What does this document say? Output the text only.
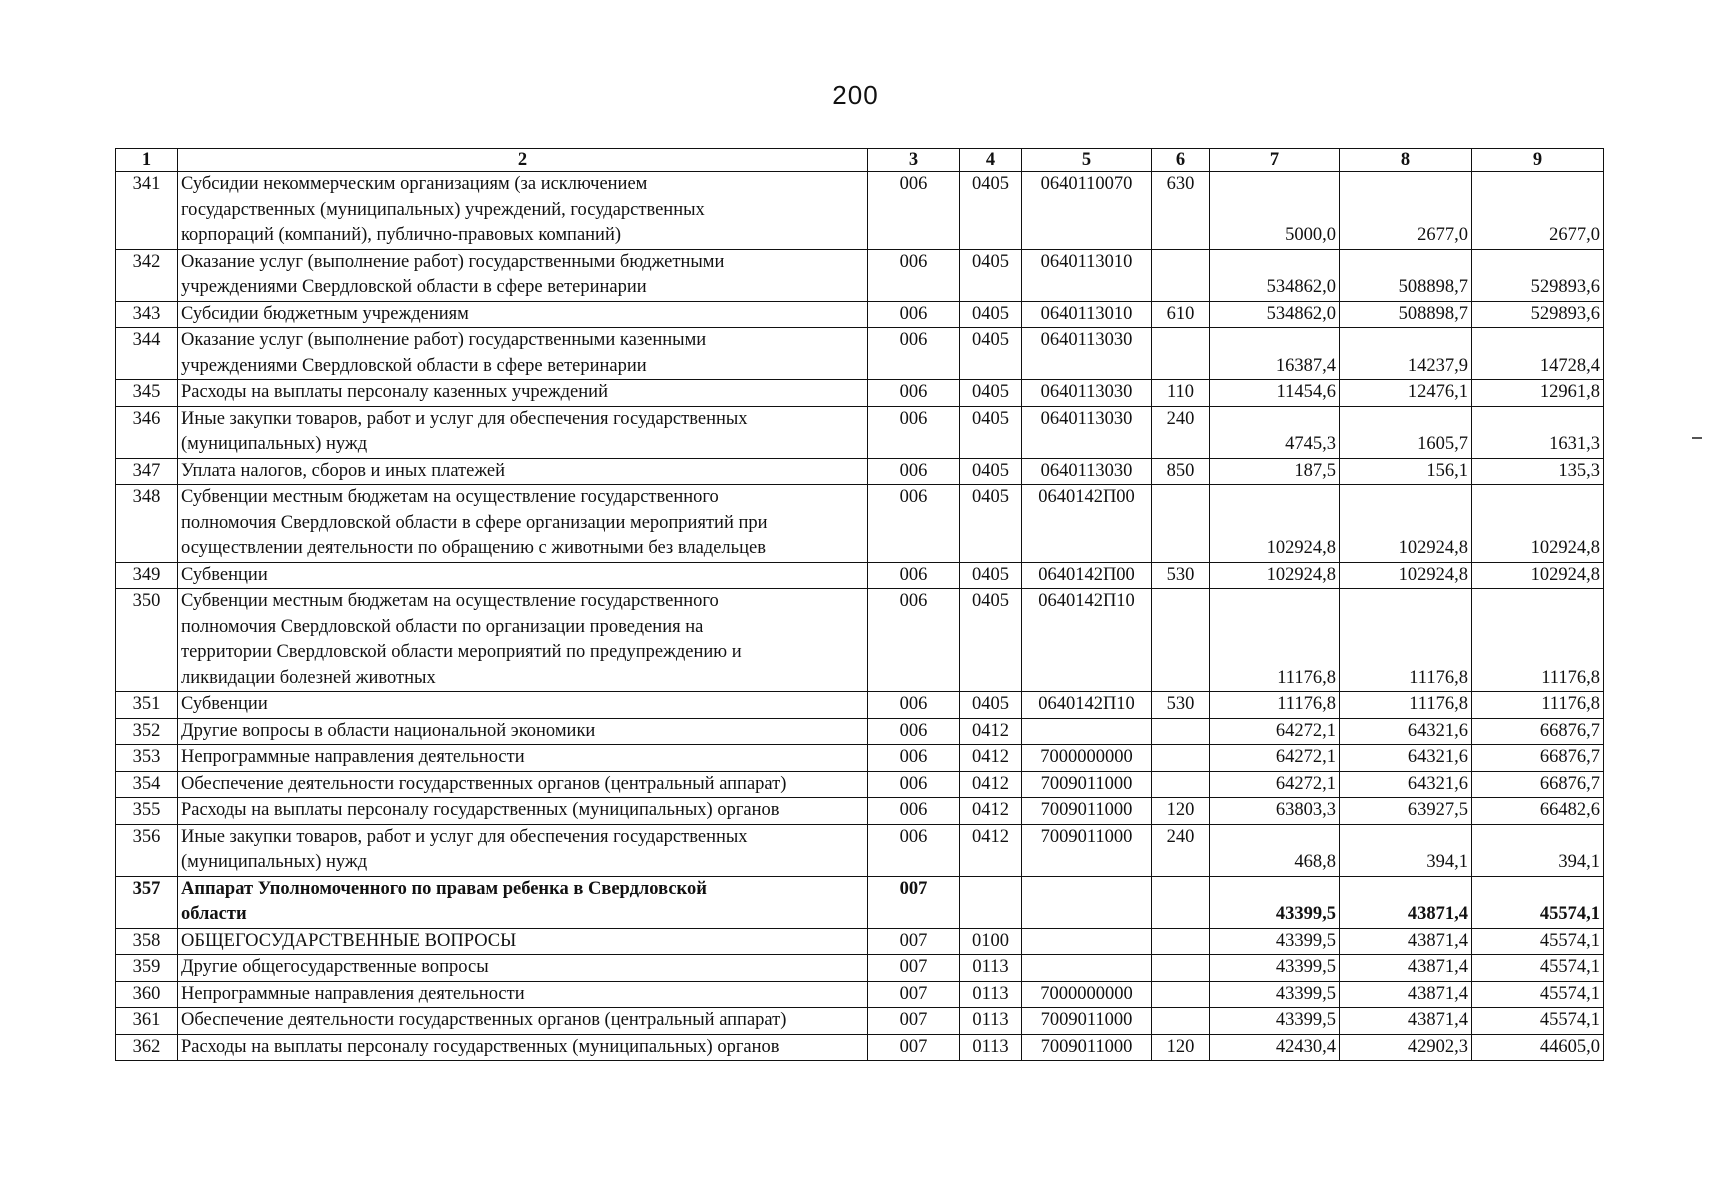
200
1	2	3	4	5	6	7	8	9
341	Субсидии некоммерческим организациям (за исключением
государственных (муниципальных) учреждений, государственных
корпораций (компаний), публично-правовых компаний)	006	0405	0640110070	630	5000,0	2677,0	2677,0
342	Оказание услуг (выполнение работ) государственными бюджетными
учреждениями Свердловской области в сфере ветеринарии	006	0405	0640113010		534862,0	508898,7	529893,6
343	Субсидии бюджетным учреждениям	006	0405	0640113010	610	534862,0	508898,7	529893,6
344	Оказание услуг (выполнение работ) государственными казенными
учреждениями Свердловской области в сфере ветеринарии	006	0405	0640113030		16387,4	14237,9	14728,4
345	Расходы на выплаты персоналу казенных учреждений	006	0405	0640113030	110	11454,6	12476,1	12961,8
346	Иные закупки товаров, работ и услуг для обеспечения государственных
(муниципальных) нужд	006	0405	0640113030	240	4745,3	1605,7	1631,3
347	Уплата налогов, сборов и иных платежей	006	0405	0640113030	850	187,5	156,1	135,3
348	Субвенции местным бюджетам на осуществление государственного
полномочия Свердловской области в сфере организации мероприятий при
осуществлении деятельности по обращению с животными без владельцев	006	0405	0640142П00		102924,8	102924,8	102924,8
349	Субвенции	006	0405	0640142П00	530	102924,8	102924,8	102924,8
350	Субвенции местным бюджетам на осуществление государственного
полномочия Свердловской области по организации проведения на
территории Свердловской области мероприятий по предупреждению и
ликвидации болезней животных	006	0405	0640142П10		11176,8	11176,8	11176,8
351	Субвенции	006	0405	0640142П10	530	11176,8	11176,8	11176,8
352	Другие вопросы в области национальной экономики	006	0412			64272,1	64321,6	66876,7
353	Непрограммные направления деятельности	006	0412	7000000000		64272,1	64321,6	66876,7
354	Обеспечение деятельности государственных органов (центральный аппарат)	006	0412	7009011000		64272,1	64321,6	66876,7
355	Расходы на выплаты персоналу государственных (муниципальных) органов	006	0412	7009011000	120	63803,3	63927,5	66482,6
356	Иные закупки товаров, работ и услуг для обеспечения государственных
(муниципальных) нужд	006	0412	7009011000	240	468,8	394,1	394,1
357	Аппарат Уполномоченного по правам ребенка в Свердловской
области	007				43399,5	43871,4	45574,1
358	ОБЩЕГОСУДАРСТВЕННЫЕ ВОПРОСЫ	007	0100			43399,5	43871,4	45574,1
359	Другие общегосударственные вопросы	007	0113			43399,5	43871,4	45574,1
360	Непрограммные направления деятельности	007	0113	7000000000		43399,5	43871,4	45574,1
361	Обеспечение деятельности государственных органов (центральный аппарат)	007	0113	7009011000		43399,5	43871,4	45574,1
362	Расходы на выплаты персоналу государственных (муниципальных) органов	007	0113	7009011000	120	42430,4	42902,3	44605,0
